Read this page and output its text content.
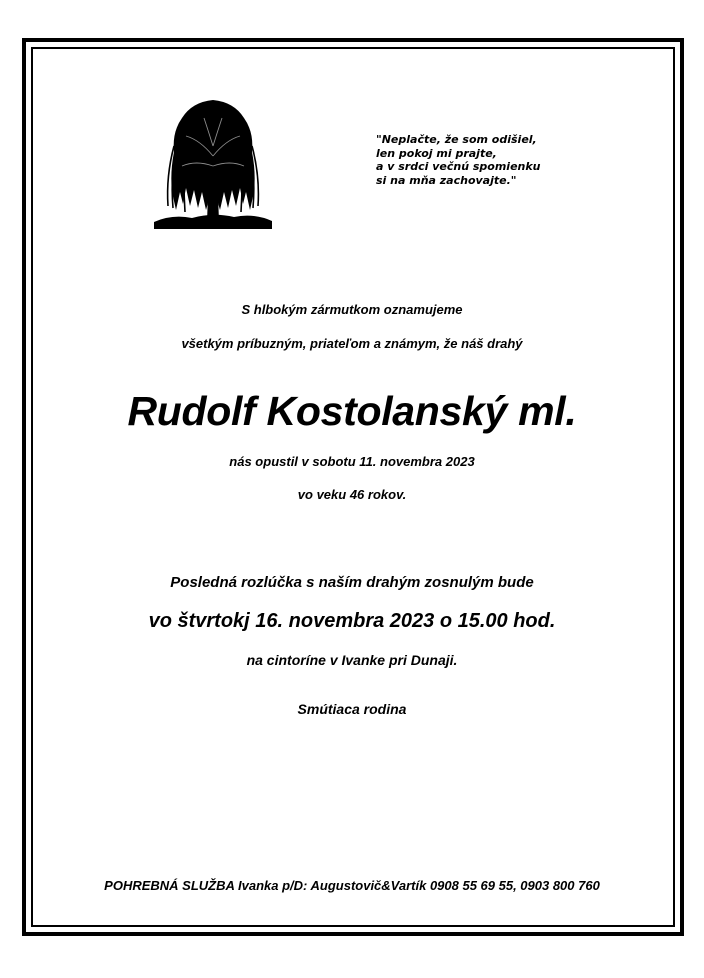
"Neplačte, že som odišiel,
len pokoj mi prajte,
a v srdci večnú spomienku
si na mňa zachovajte."
S hlbokým zármutkom oznamujeme
všetkým príbuzným, priateľom a známym, že náš drahý
Rudolf Kostolanský ml.
nás opustil v sobotu 11. novembra 2023
vo veku 46 rokov.
Posledná rozlúčka s naším drahým zosnulým bude
vo štvrtokj 16. novembra 2023 o 15.00 hod.
na cintoríne v Ivanke pri Dunaji.
Smútiaca rodina
POHREBNÁ SLUŽBA Ivanka p/D: Augustovič&Vartík 0908 55 69 55, 0903 800 760
